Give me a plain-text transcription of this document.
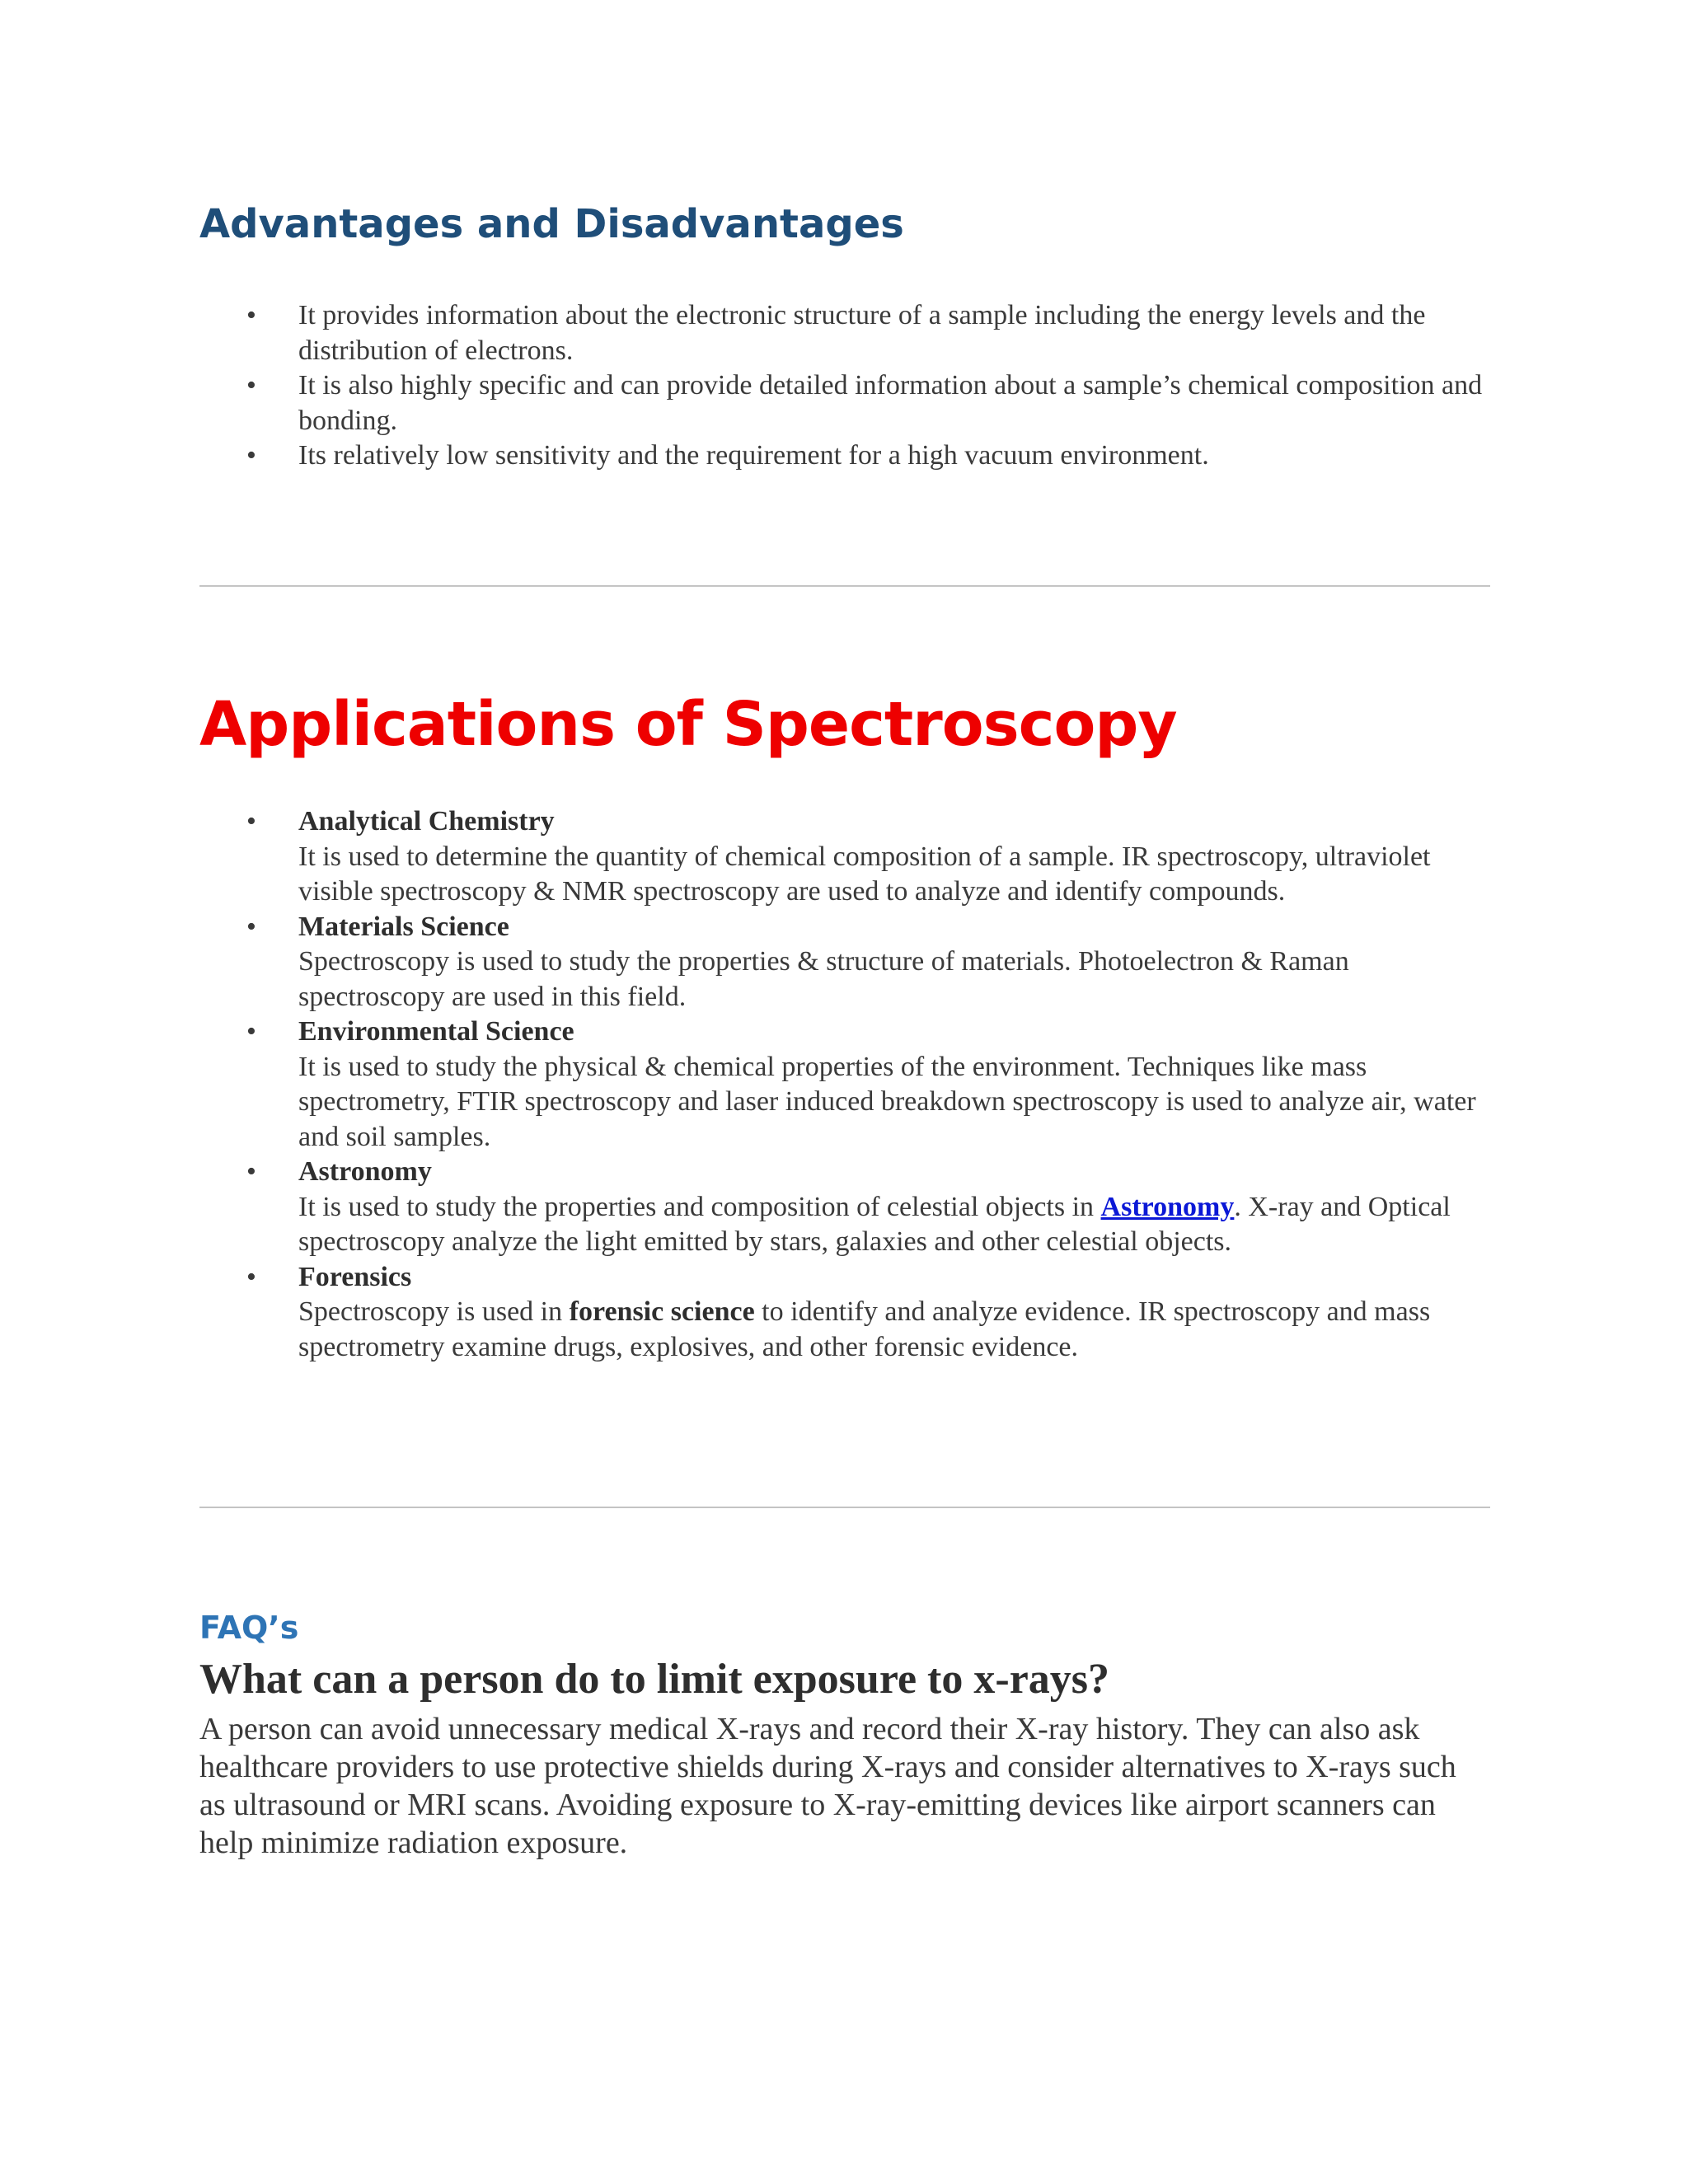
Advantages and Disadvantages
• It provides information about the electronic structure of a sample including the energy levels and the distribution of electrons.
• It is also highly specific and can provide detailed information about a sample’s chemical composition and bonding.
• Its relatively low sensitivity and the requirement for a high vacuum environment.
Applications of Spectroscopy
• Analytical Chemistry
It is used to determine the quantity of chemical composition of a sample. IR spectroscopy, ultraviolet visible spectroscopy & NMR spectroscopy are used to analyze and identify compounds.
• Materials Science
Spectroscopy is used to study the properties & structure of materials. Photoelectron & Raman spectroscopy are used in this field.
• Environmental Science
It is used to study the physical & chemical properties of the environment. Techniques like mass spectrometry, FTIR spectroscopy and laser induced breakdown spectroscopy is used to analyze air, water and soil samples.
• Astronomy
It is used to study the properties and composition of celestial objects in Astronomy. X-ray and Optical spectroscopy analyze the light emitted by stars, galaxies and other celestial objects.
• Forensics
Spectroscopy is used in forensic science to identify and analyze evidence. IR spectroscopy and mass spectrometry examine drugs, explosives, and other forensic evidence.
FAQ’s
What can a person do to limit exposure to x-rays?

A person can avoid unnecessary medical X-rays and record their X-ray history. They can also ask healthcare providers to use protective shields during X-rays and consider alternatives to X-rays such as ultrasound or MRI scans. Avoiding exposure to X-ray-emitting devices like airport scanners can help minimize radiation exposure.
